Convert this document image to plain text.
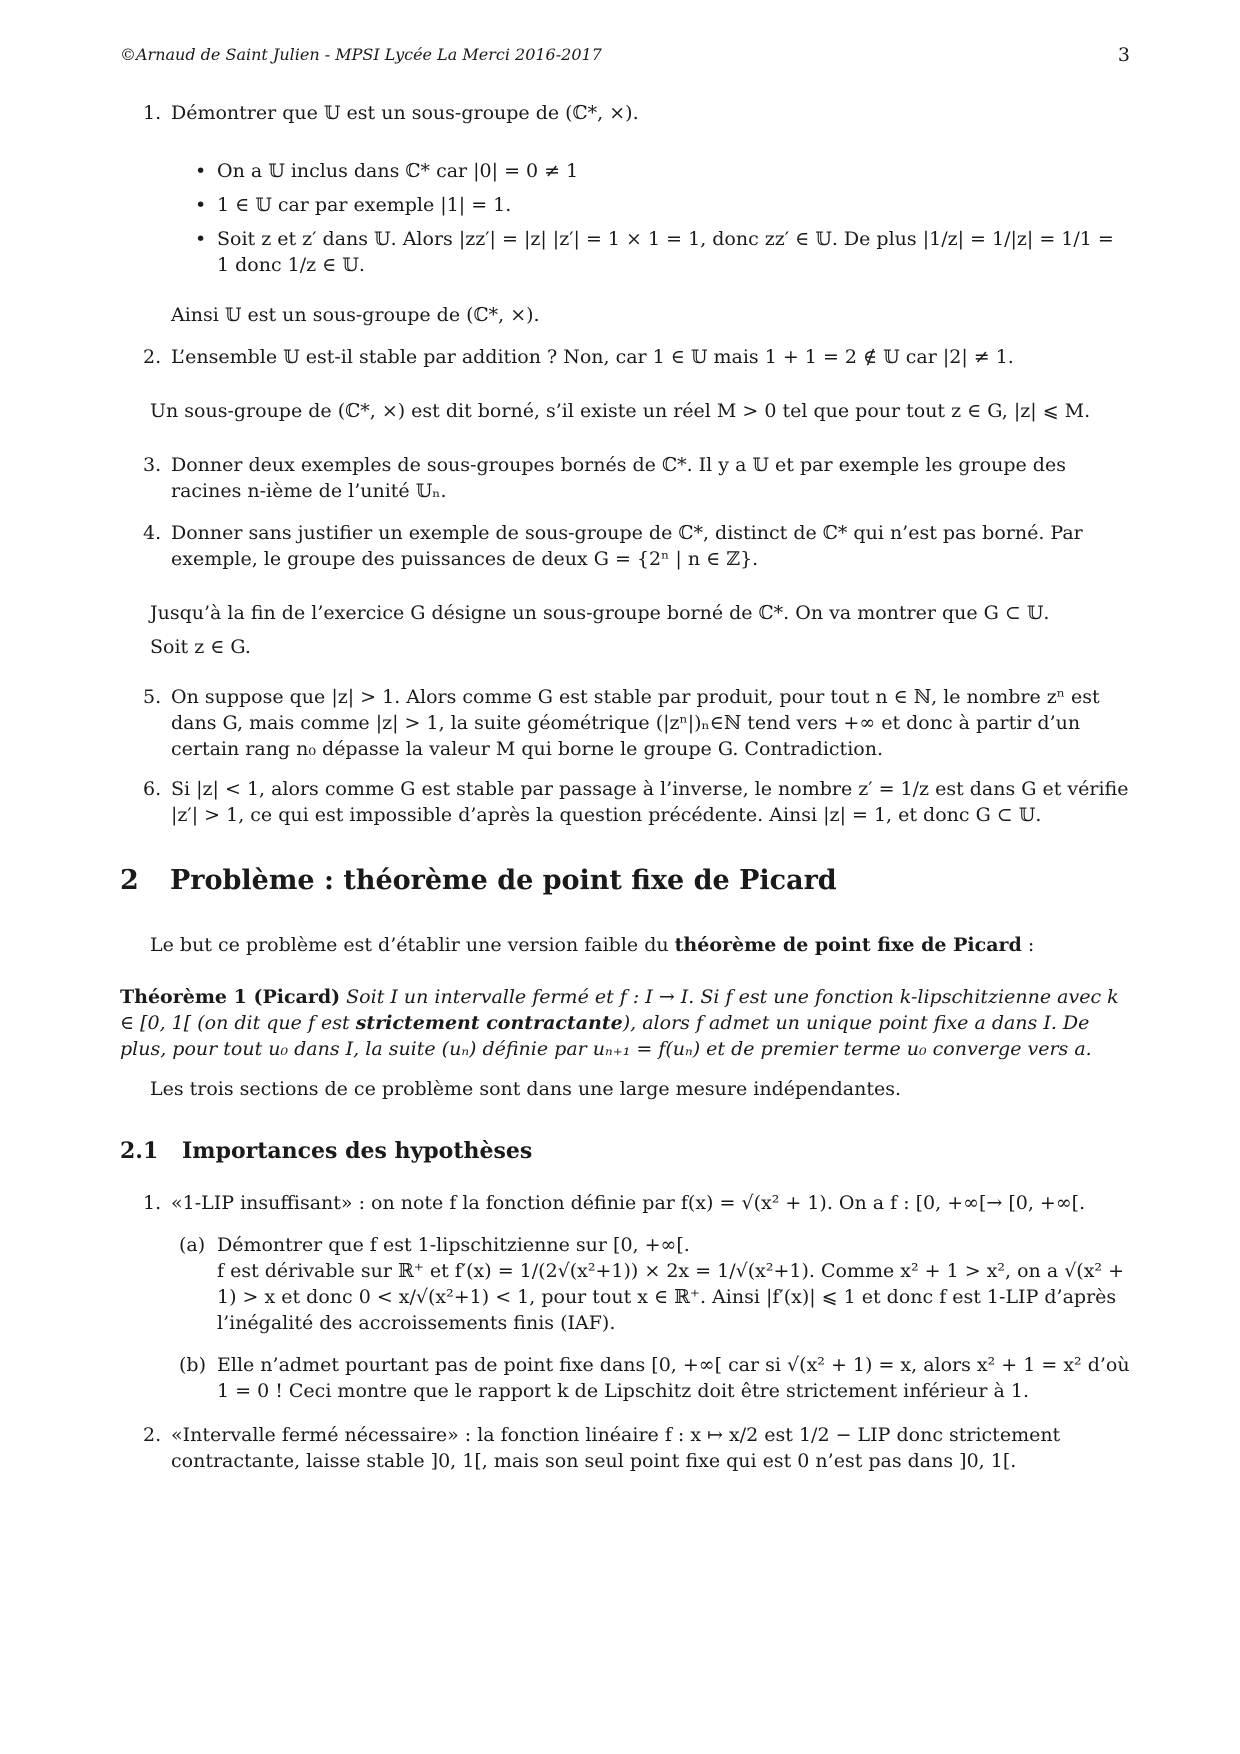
©Arnaud de Saint Julien - MPSI Lycée La Merci 2016-2017	3
1. Démontrer que 𝕌 est un sous-groupe de (ℂ*, ×).
• On a 𝕌 inclus dans ℂ* car |0| = 0 ≠ 1
• 1 ∈ 𝕌 car par exemple |1| = 1.
• Soit z et z′ dans 𝕌. Alors |zz′| = |z| |z′| = 1 × 1 = 1, donc zz′ ∈ 𝕌. De plus |1/z| = 1/|z| = 1/1 = 1 donc 1/z ∈ 𝕌.
Ainsi 𝕌 est un sous-groupe de (ℂ*, ×).
2. L’ensemble 𝕌 est-il stable par addition ? Non, car 1 ∈ 𝕌 mais 1 + 1 = 2 ∉ 𝕌 car |2| ≠ 1.
Un sous-groupe de (ℂ*, ×) est dit borné, s’il existe un réel M > 0 tel que pour tout z ∈ G, |z| ⩽ M.
3. Donner deux exemples de sous-groupes bornés de ℂ*. Il y a 𝕌 et par exemple les groupe des racines n-ième de l’unité 𝕌ₙ.
4. Donner sans justifier un exemple de sous-groupe de ℂ*, distinct de ℂ* qui n’est pas borné. Par exemple, le groupe des puissances de deux G = {2ⁿ | n ∈ ℤ}.
Jusqu’à la fin de l’exercice G désigne un sous-groupe borné de ℂ*. On va montrer que G ⊂ 𝕌.
Soit z ∈ G.
5. On suppose que |z| > 1. Alors comme G est stable par produit, pour tout n ∈ ℕ, le nombre zⁿ est dans G, mais comme |z| > 1, la suite géométrique (|zⁿ|)ₙ∈ℕ tend vers +∞ et donc à partir d’un certain rang n₀ dépasse la valeur M qui borne le groupe G. Contradiction.
6. Si |z| < 1, alors comme G est stable par passage à l’inverse, le nombre z′ = 1/z est dans G et vérifie |z′| > 1, ce qui est impossible d’après la question précédente. Ainsi |z| = 1, et donc G ⊂ 𝕌.
2 Problème : théorème de point fixe de Picard
Le but ce problème est d’établir une version faible du théorème de point fixe de Picard :
Théorème 1 (Picard) Soit I un intervalle fermé et f : I → I. Si f est une fonction k-lipschitzienne avec k ∈ [0, 1[ (on dit que f est strictement contractante), alors f admet un unique point fixe a dans I. De plus, pour tout u₀ dans I, la suite (uₙ) définie par uₙ₊₁ = f(uₙ) et de premier terme u₀ converge vers a.
Les trois sections de ce problème sont dans une large mesure indépendantes.
2.1 Importances des hypothèses
1. «1-LIP insuffisant» : on note f la fonction définie par f(x) = √(x² + 1). On a f : [0, +∞[→ [0, +∞[.
(a) Démontrer que f est 1-lipschitzienne sur [0, +∞[.
f est dérivable sur ℝ⁺ et f′(x) = 1/(2√(x²+1)) × 2x = 1/√(x²+1). Comme x² + 1 > x², on a √(x² + 1) > x et donc 0 < x/√(x²+1) < 1, pour tout x ∈ ℝ⁺. Ainsi |f′(x)| ⩽ 1 et donc f est 1-LIP d’après l’inégalité des accroissements finis (IAF).
(b) Elle n’admet pourtant pas de point fixe dans [0, +∞[ car si √(x² + 1) = x, alors x² + 1 = x² d’où 1 = 0 ! Ceci montre que le rapport k de Lipschitz doit être strictement inférieur à 1.
2. «Intervalle fermé nécessaire» : la fonction linéaire f : x ↦ x/2 est 1/2 − LIP donc strictement contractante, laisse stable ]0, 1[, mais son seul point fixe qui est 0 n’est pas dans ]0, 1[.
